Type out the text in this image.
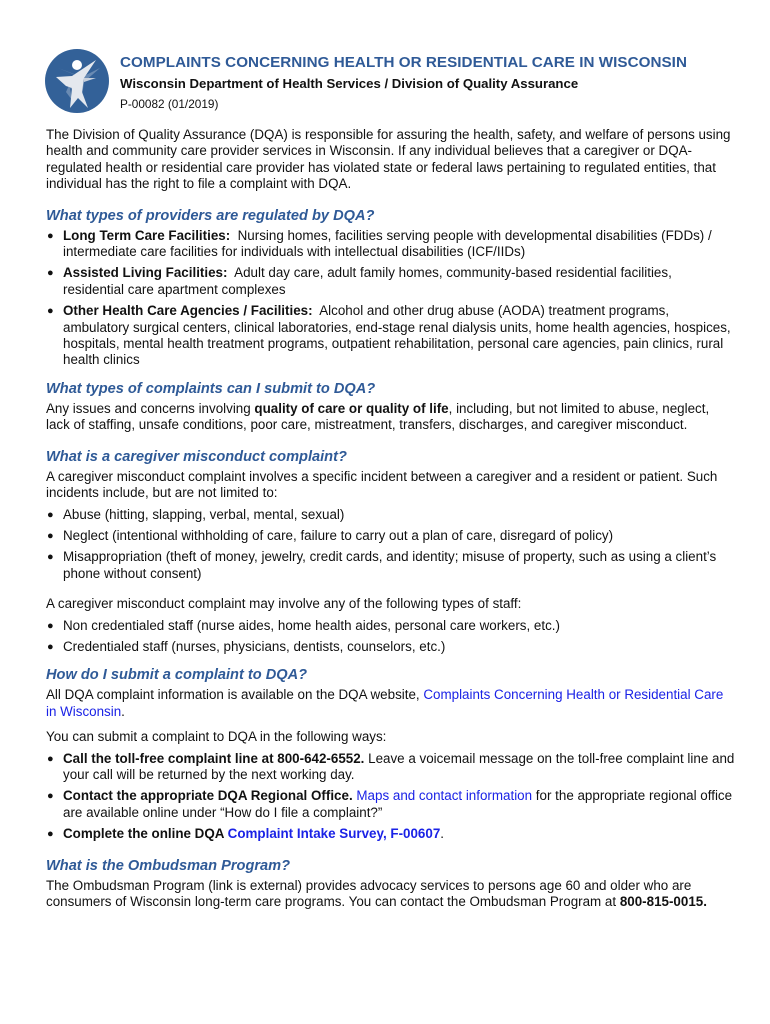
COMPLAINTS CONCERNING HEALTH OR RESIDENTIAL CARE IN WISCONSIN
Wisconsin Department of Health Services / Division of Quality Assurance
P-00082 (01/2019)

The Division of Quality Assurance (DQA) is responsible for assuring the health, safety, and welfare of persons using health and community care provider services in Wisconsin. If any individual believes that a caregiver or DQA-regulated health or residential care provider has violated state or federal laws pertaining to regulated entities, that individual has the right to file a complaint with DQA.

What types of providers are regulated by DQA?
● Long Term Care Facilities:  Nursing homes, facilities serving people with developmental disabilities (FDDs) / intermediate care facilities for individuals with intellectual disabilities (ICF/IIDs)
● Assisted Living Facilities:  Adult day care, adult family homes, community-based residential facilities, residential care apartment complexes
● Other Health Care Agencies / Facilities:  Alcohol and other drug abuse (AODA) treatment programs, ambulatory surgical centers, clinical laboratories, end-stage renal dialysis units, home health agencies, hospices, hospitals, mental health treatment programs, outpatient rehabilitation, personal care agencies, pain clinics, rural health clinics
What types of complaints can I submit to DQA?

Any issues and concerns involving quality of care or quality of life, including, but not limited to abuse, neglect, lack of staffing, unsafe conditions, poor care, mistreatment, transfers, discharges, and caregiver misconduct.

What is a caregiver misconduct complaint?

A caregiver misconduct complaint involves a specific incident between a caregiver and a resident or patient. Such incidents include, but are not limited to:

● Abuse (hitting, slapping, verbal, mental, sexual)
● Neglect (intentional withholding of care, failure to carry out a plan of care, disregard of policy)
● Misappropriation (theft of money, jewelry, credit cards, and identity; misuse of property, such as using a client’s phone without consent)

A caregiver misconduct complaint may involve any of the following types of staff:

● Non credentialed staff (nurse aides, home health aides, personal care workers, etc.)
● Credentialed staff (nurses, physicians, dentists, counselors, etc.)
How do I submit a complaint to DQA?

All DQA complaint information is available on the DQA website, Complaints Concerning Health or Residential Care in Wisconsin.

You can submit a complaint to DQA in the following ways:

● Call the toll-free complaint line at 800-642-6552. Leave a voicemail message on the toll-free complaint line and your call will be returned by the next working day.
● Contact the appropriate DQA Regional Office. Maps and contact information for the appropriate regional office are available online under “How do I file a complaint?”
● Complete the online DQA Complaint Intake Survey, F-00607.
What is the Ombudsman Program?

The Ombudsman Program (link is external) provides advocacy services to persons age 60 and older who are consumers of Wisconsin long-term care programs. You can contact the Ombudsman Program at 800-815-0015.
